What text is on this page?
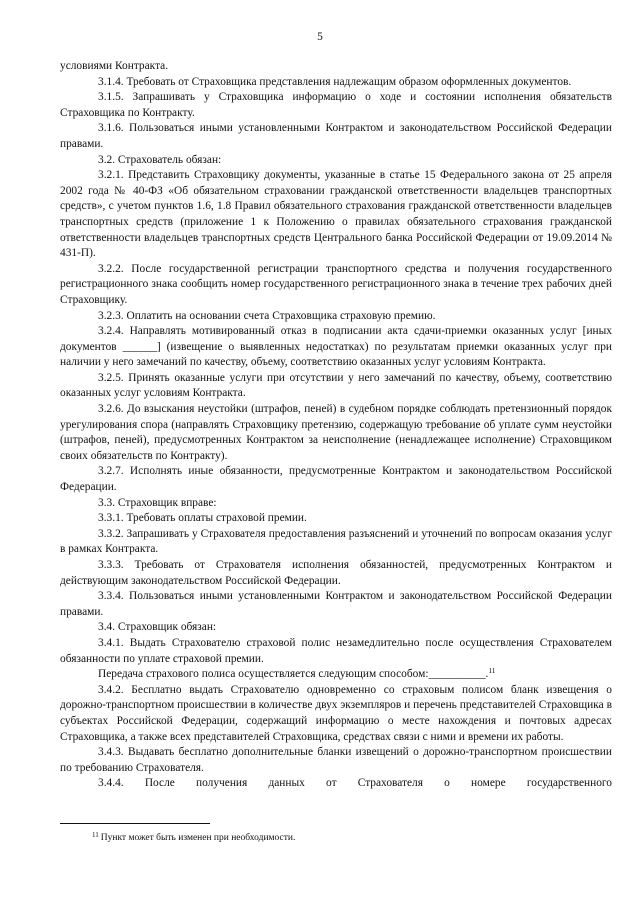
5

условиями Контракта.

3.1.4. Требовать от Страховщика представления надлежащим образом оформленных документов.

3.1.5. Запрашивать у Страховщика информацию о ходе и состоянии исполнения обязательств Страховщика по Контракту.

3.1.6. Пользоваться иными установленными Контрактом и законодательством Российской Федерации правами.

3.2. Страхователь обязан:

3.2.1. Представить Страховщику документы, указанные в статье 15 Федерального закона от 25 апреля 2002 года № 40-ФЗ «Об обязательном страховании гражданской ответственности владельцев транспортных средств», с учетом пунктов 1.6, 1.8 Правил обязательного страхования гражданской ответственности владельцев транспортных средств (приложение 1 к Положению о правилах обязательного страхования гражданской ответственности владельцев транспортных средств Центрального банка Российской Федерации от 19.09.2014 № 431-П).

3.2.2. После государственной регистрации транспортного средства и получения государственного регистрационного знака сообщить номер государственного регистрационного знака в течение трех рабочих дней Страховщику.

3.2.3. Оплатить на основании счета Страховщика страховую премию.

3.2.4. Направлять мотивированный отказ в подписании акта сдачи-приемки оказанных услуг [иных документов ______] (извещение о выявленных недостатках) по результатам приемки оказанных услуг при наличии у него замечаний по качеству, объему, соответствию оказанных услуг условиям Контракта.

3.2.5. Принять оказанные услуги при отсутствии у него замечаний по качеству, объему, соответствию оказанных услуг условиям Контракта.

3.2.6. До взыскания неустойки (штрафов, пеней) в судебном порядке соблюдать претензионный порядок урегулирования спора (направлять Страховщику претензию, содержащую требование об уплате сумм неустойки (штрафов, пеней), предусмотренных Контрактом за неисполнение (ненадлежащее исполнение) Страховщиком своих обязательств по Контракту).

3.2.7. Исполнять иные обязанности, предусмотренные Контрактом и законодательством Российской Федерации.

3.3. Страховщик вправе:

3.3.1. Требовать оплаты страховой премии.

3.3.2. Запрашивать у Страхователя предоставления разъяснений и уточнений по вопросам оказания услуг в рамках Контракта.

3.3.3. Требовать от Страхователя исполнения обязанностей, предусмотренных Контрактом и действующим законодательством Российской Федерации.

3.3.4. Пользоваться иными установленными Контрактом и законодательством Российской Федерации правами.

3.4. Страховщик обязан:

3.4.1. Выдать Страхователю страховой полис незамедлительно после осуществления Страхователем обязанности по уплате страховой премии.

Передача страхового полиса осуществляется следующим способом:__________.$^{11}$

3.4.2. Бесплатно выдать Страхователю одновременно со страховым полисом бланк извещения о дорожно-транспортном происшествии в количестве двух экземпляров и перечень представителей Страховщика в субъектах Российской Федерации, содержащий информацию о месте нахождения и почтовых адресах Страховщика, а также всех представителей Страховщика, средствах связи с ними и времени их работы.

3.4.3. Выдавать бесплатно дополнительные бланки извещений о дорожно-транспортном происшествии по требованию Страхователя.

3.4.4. После получения данных от Страхователя о номере государственного

$^{11}$ Пункт может быть изменен при необходимости.
